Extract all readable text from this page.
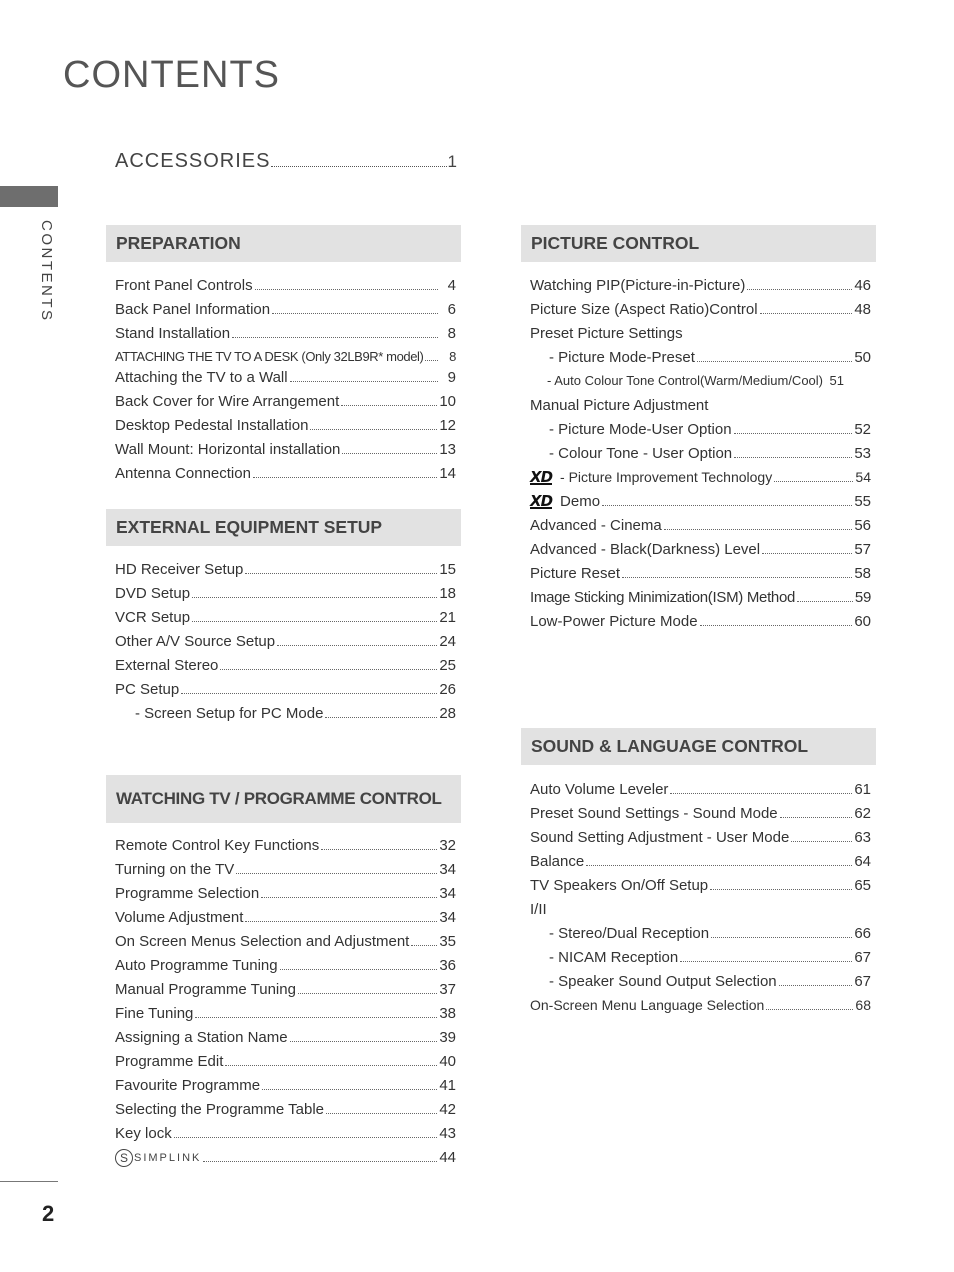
CONTENTS
CONTENTS
2
ACCESSORIES	1
PREPARATION
Front Panel Controls	4
Back Panel Information	6
Stand Installation	8
ATTACHING THE TV TO A DESK (Only 32LB9R* model)	8
Attaching the TV to a Wall	9
Back Cover for Wire Arrangement	10
Desktop Pedestal Installation	12
Wall Mount: Horizontal installation	13
Antenna Connection	14
EXTERNAL EQUIPMENT SETUP
HD Receiver Setup	15
DVD Setup	18
VCR Setup	21
Other A/V Source Setup	24
External Stereo	25
PC Setup	26
- Screen Setup for PC Mode	28
WATCHING TV / PROGRAMME CONTROL
Remote Control Key Functions	32
Turning on the TV	34
Programme Selection	34
Volume Adjustment	34
On Screen Menus Selection and Adjustment 35
Auto Programme Tuning	36
Manual Programme Tuning	37
Fine Tuning	38
Assigning a Station Name	39
Programme Edit	40
Favourite Programme	41
Selecting the Programme Table	42
Key lock	43
S SIMPLINK	44
PICTURE CONTROL
Watching PIP(Picture-in-Picture)	46
Picture Size (Aspect Ratio)Control	48
Preset Picture Settings
- Picture Mode-Preset	50
- Auto Colour Tone Control(Warm/Medium/Cool) 51
Manual Picture Adjustment
- Picture Mode-User Option	52
- Colour Tone - User Option	53
XD - Picture Improvement Technology	54
XD Demo	55
Advanced - Cinema	56
Advanced - Black(Darkness) Level	57
Picture Reset	58
Image Sticking Minimization(ISM) Method	59
Low-Power Picture Mode	60
SOUND & LANGUAGE CONTROL
Auto Volume Leveler	61
Preset Sound Settings - Sound Mode	62
Sound Setting Adjustment - User Mode	63
Balance	64
TV Speakers On/Off Setup	65
I/II
- Stereo/Dual Reception	66
- NICAM Reception	67
- Speaker Sound Output Selection	67
On-Screen Menu Language Selection	68
